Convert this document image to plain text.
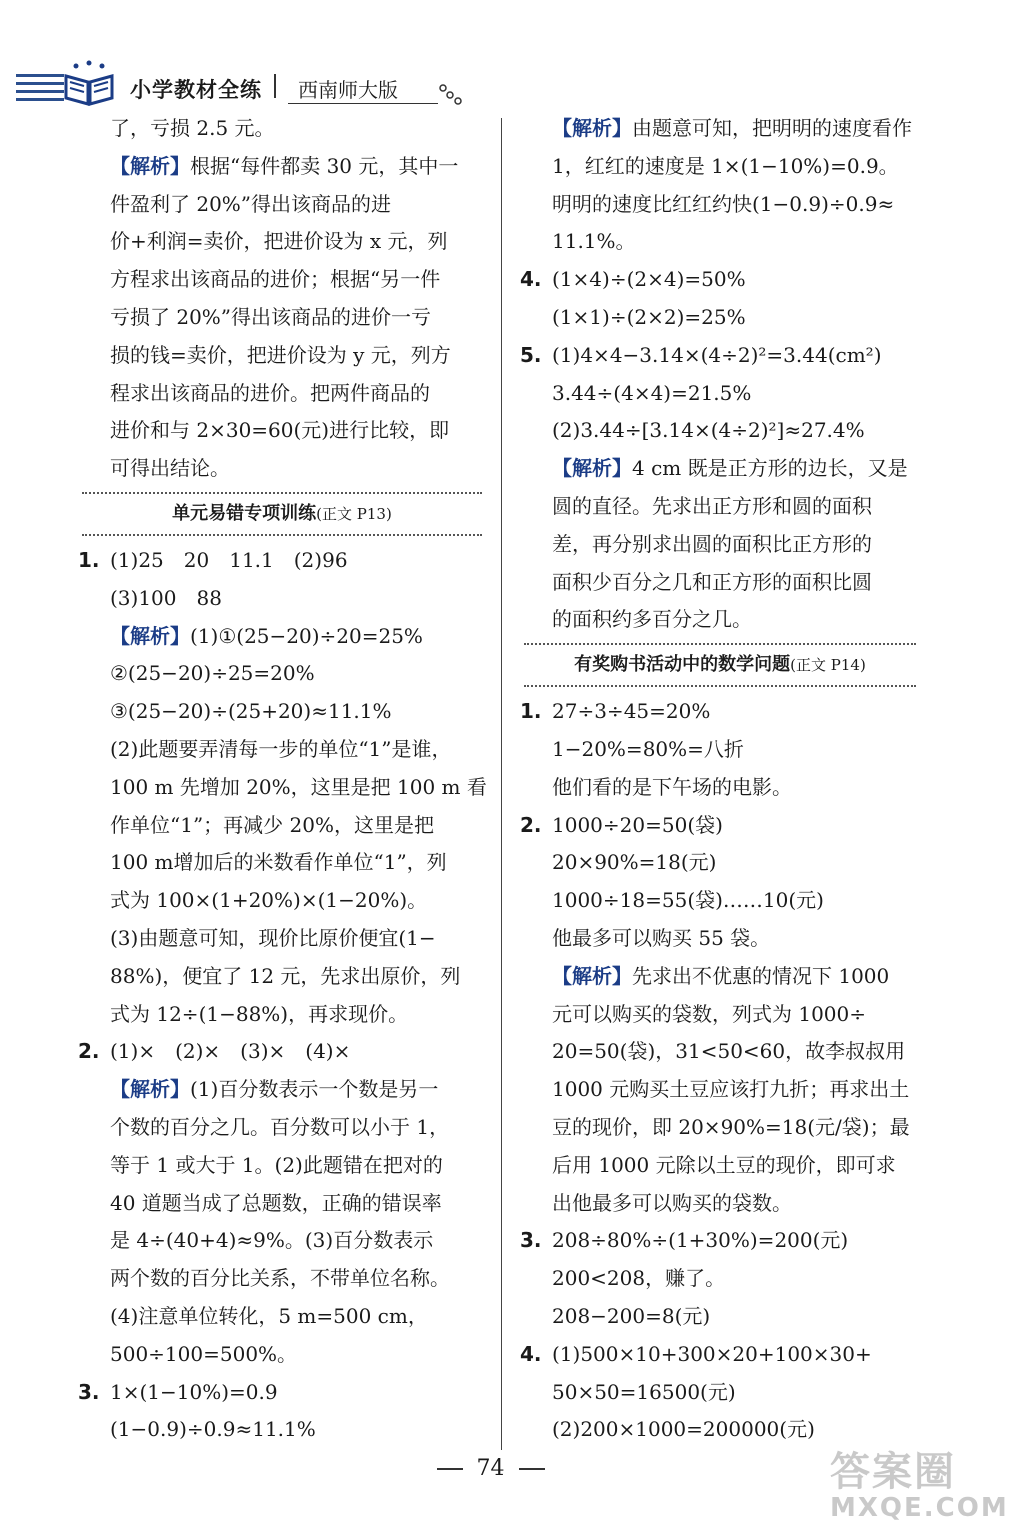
小学教材全练 西南师大版
了，亏损 2.5 元。
【解析】根据“每件都卖 30 元，其中一
件盈利了 20%”得出该商品的进
价+利润=卖价，把进价设为 x 元，列
方程求出该商品的进价；根据“另一件
亏损了 20%”得出该商品的进价一亏
损的钱=卖价，把进价设为 y 元，列方
程求出该商品的进价。把两件商品的
进价和与 2×30=60(元)进行比较，即
可得出结论。
单元易错专项训练(正文 P13)
1. (1)25　20　11.1　(2)96
(3)100　88
【解析】(1)①(25−20)÷20=25%
②(25−20)÷25=20%
③(25−20)÷(25+20)≈11.1%
(2)此题要弄清每一步的单位“1”是谁，
100 m 先增加 20%，这里是把 100 m 看
作单位“1”；再减少 20%，这里是把
100 m增加后的米数看作单位“1”，列
式为 100×(1+20%)×(1−20%)。
(3)由题意可知，现价比原价便宜(1−
88%)，便宜了 12 元，先求出原价，列
式为 12÷(1−88%)，再求现价。
2. (1)×　(2)×　(3)×　(4)×
【解析】(1)百分数表示一个数是另一
个数的百分之几。百分数可以小于 1，
等于 1 或大于 1。(2)此题错在把对的
40 道题当成了总题数，正确的错误率
是 4÷(40+4)≈9%。(3)百分数表示
两个数的百分比关系，不带单位名称。
(4)注意单位转化，5 m=500 cm，
500÷100=500%。
3. 1×(1−10%)=0.9
(1−0.9)÷0.9≈11.1%
【解析】由题意可知，把明明的速度看作
1，红红的速度是 1×(1−10%)=0.9。
明明的速度比红红约快(1−0.9)÷0.9≈
11.1%。
4. (1×4)÷(2×4)=50%
(1×1)÷(2×2)=25%
5. (1)4×4−3.14×(4÷2)²=3.44(cm²)
3.44÷(4×4)=21.5%
(2)3.44÷[3.14×(4÷2)²]≈27.4%
【解析】4 cm 既是正方形的边长，又是
圆的直径。先求出正方形和圆的面积
差，再分别求出圆的面积比正方形的
面积少百分之几和正方形的面积比圆
的面积约多百分之几。
有奖购书活动中的数学问题(正文 P14)
1. 27÷3÷45=20%
1−20%=80%=八折
他们看的是下午场的电影。
2. 1000÷20=50(袋)
20×90%=18(元)
1000÷18=55(袋)……10(元)
他最多可以购买 55 袋。
【解析】先求出不优惠的情况下 1000
元可以购买的袋数，列式为 1000÷
20=50(袋)，31<50<60，故李叔叔用
1000 元购买土豆应该打九折；再求出土
豆的现价，即 20×90%=18(元/袋)；最
后用 1000 元除以土豆的现价，即可求
出他最多可以购买的袋数。
3. 208÷80%÷(1+30%)=200(元)
200<208，赚了。
208−200=8(元)
4. (1)500×10+300×20+100×30+
50×50=16500(元)
(2)200×1000=200000(元)
74	答案圈
MXQE.COM
